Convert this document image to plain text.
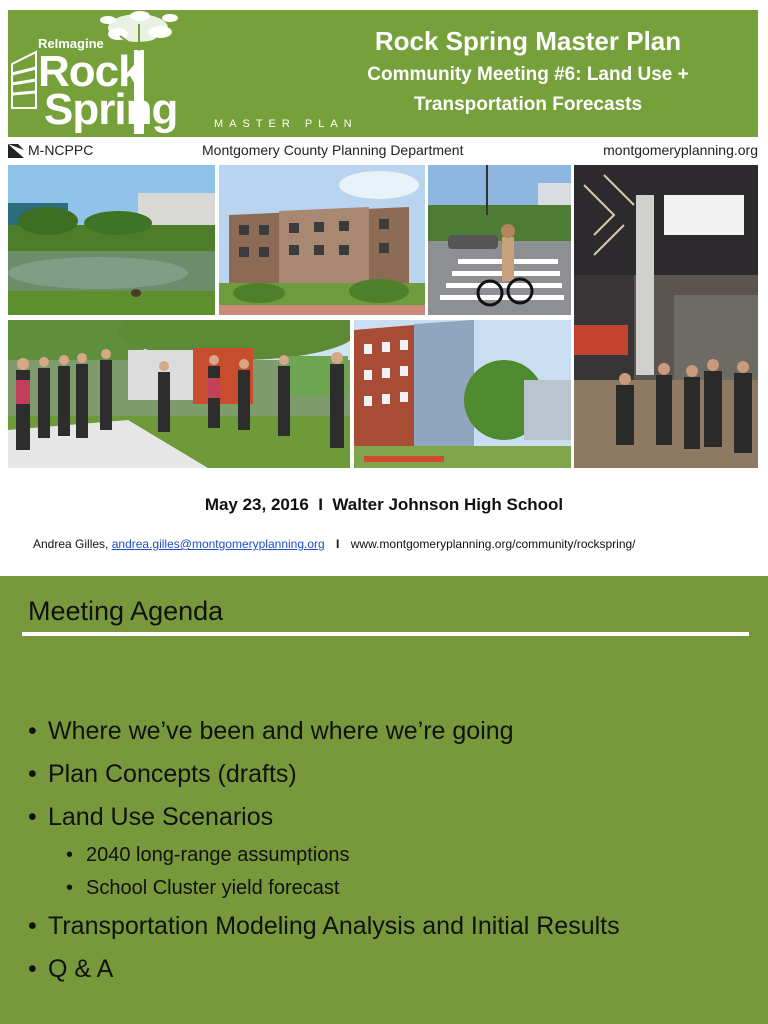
ReImagine
Rock
Spring	MASTER PLAN
Rock Spring Master Plan
Community Meeting #6: Land Use +
Transportation Forecasts
M-NCPPC	Montgomery County Planning Department	montgomeryplanning.org
May 23, 2016  I  Walter Johnson High School
Andrea Gilles, andrea.gilles@montgomeryplanning.org I www.montgomeryplanning.org/community/rockspring/
Meeting Agenda
• Where we’ve been and where we’re going
• Plan Concepts (drafts)
• Land Use Scenarios
• 2040 long-range assumptions
• School Cluster yield forecast
• Transportation Modeling Analysis and Initial Results
• Q & A
